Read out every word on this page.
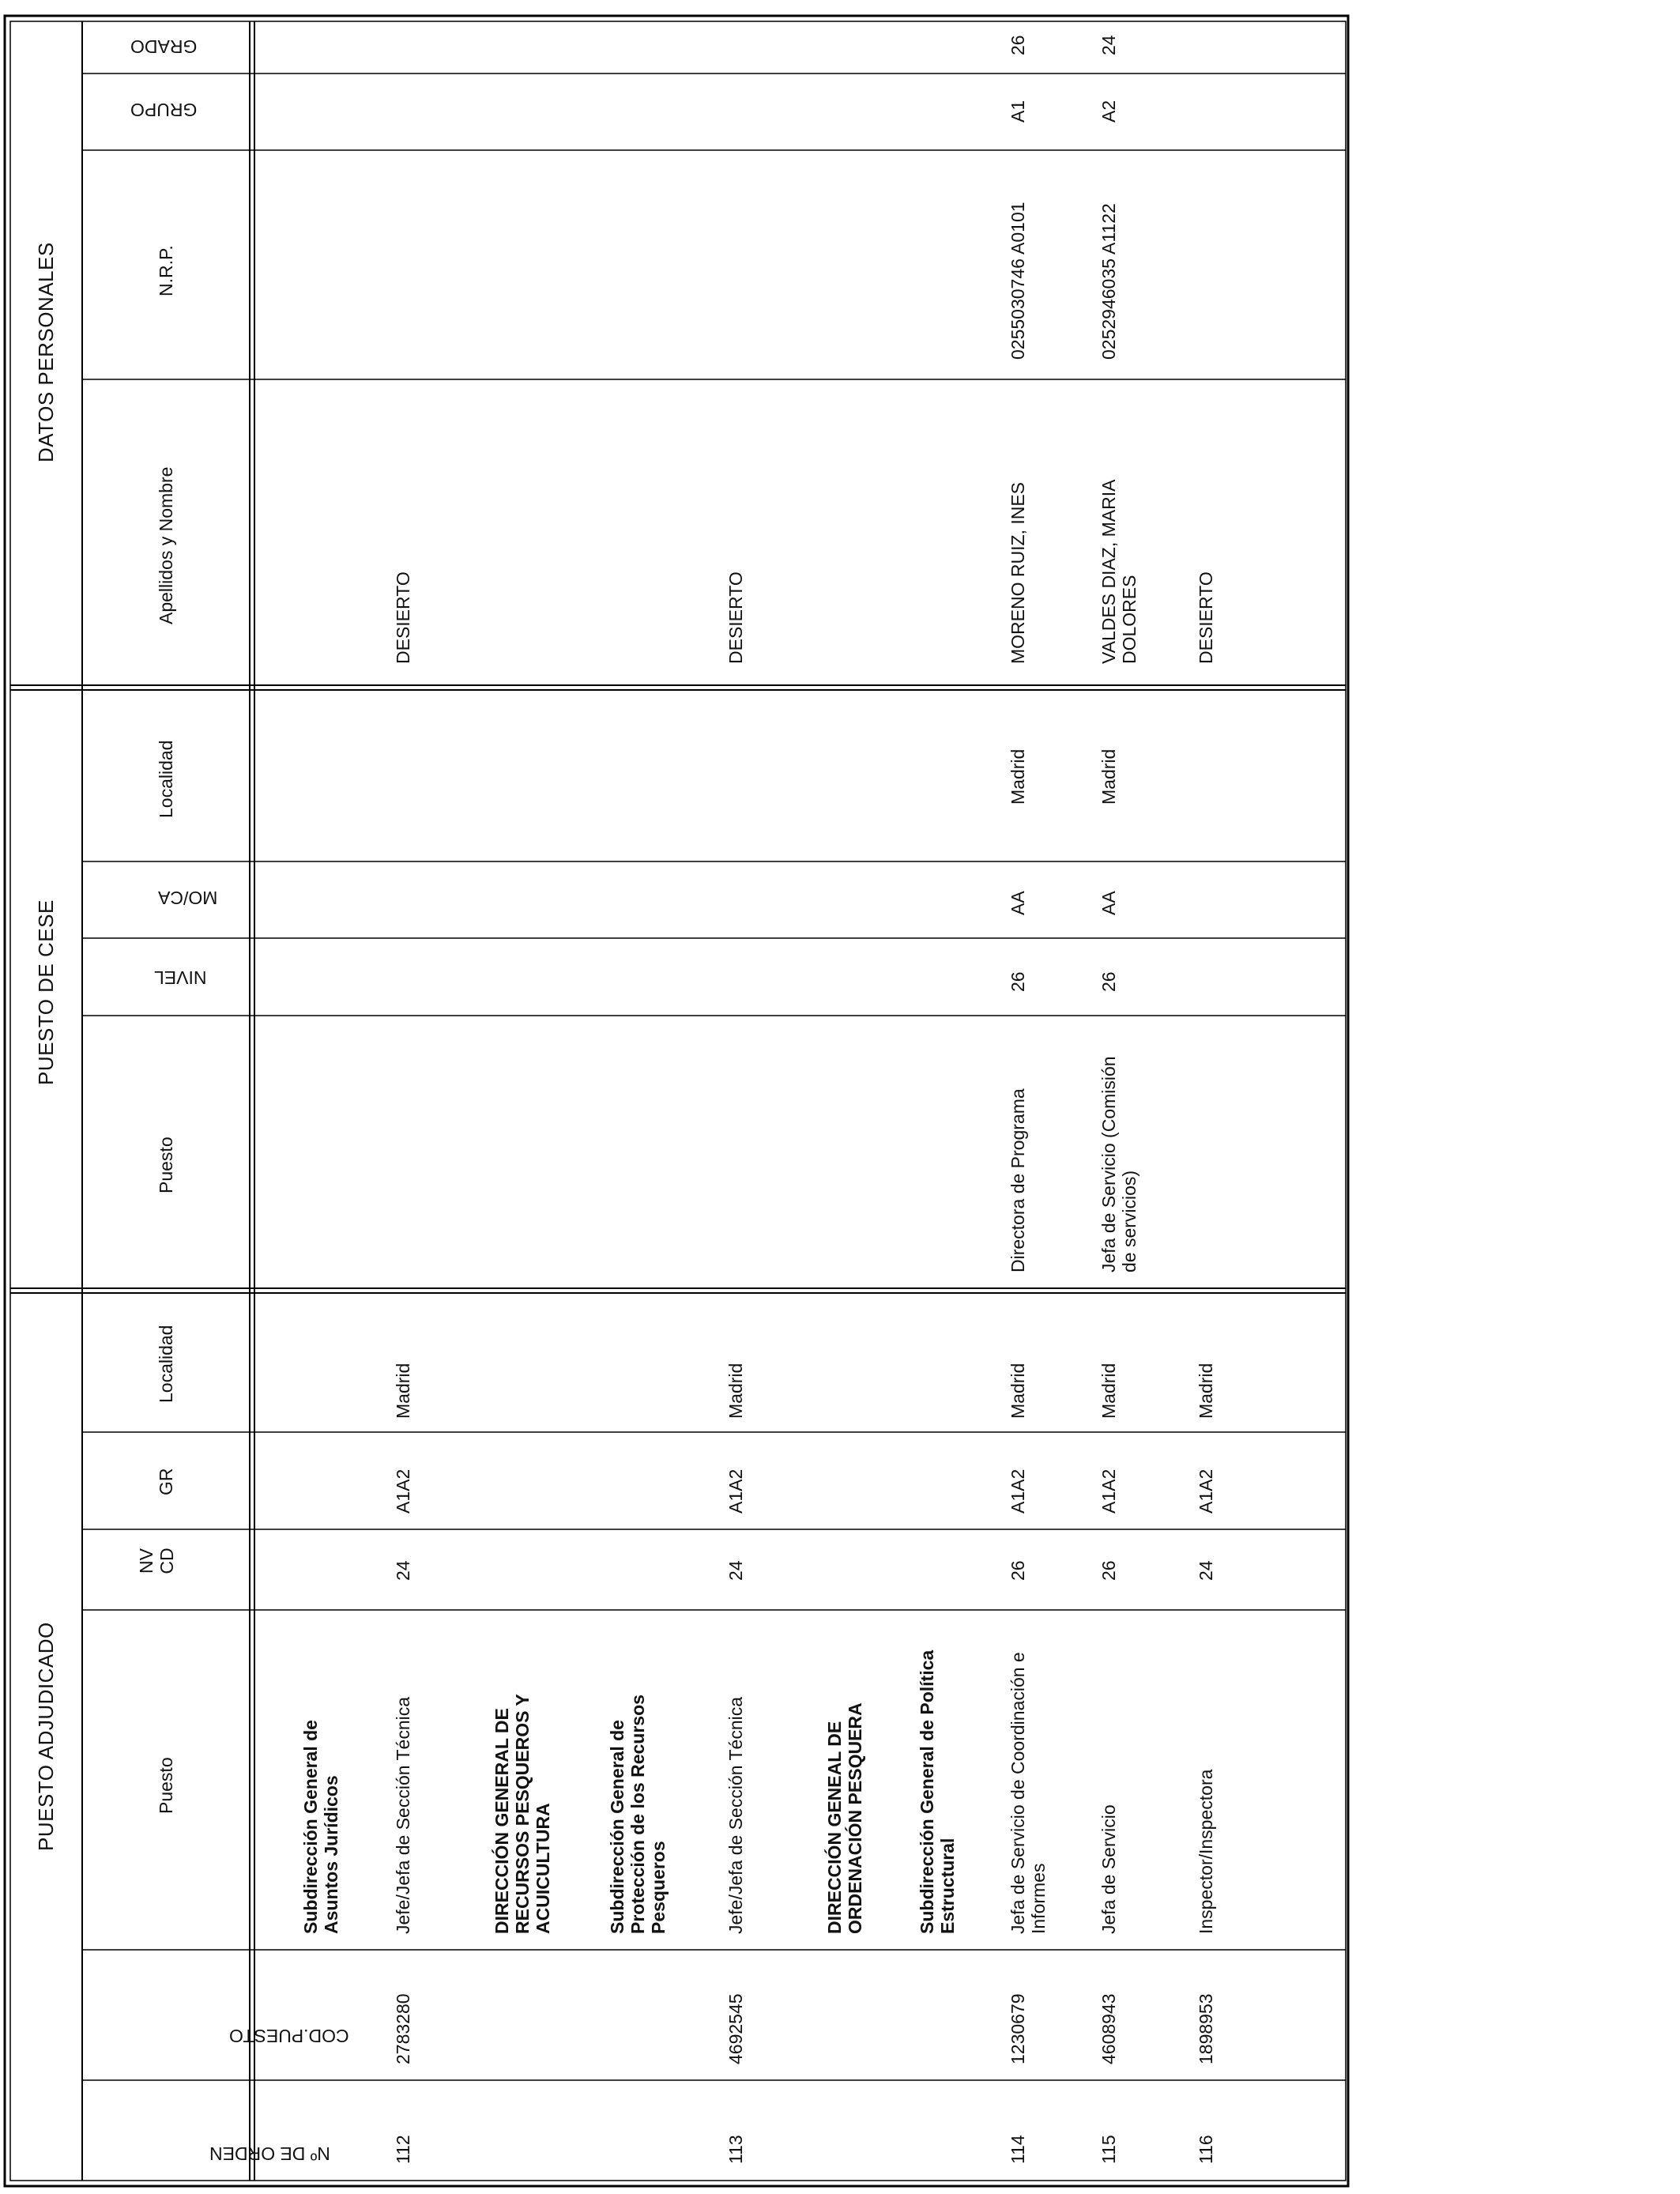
DATOS PERSONALES
PUESTO DE CESE
PUESTO ADJUDICADO
GRADO
GRUPO
N.R.P.
Apellidos y Nombre
Localidad
MO/CA
NIVEL
Puesto
Localidad
GR
NV CD
Puesto
COD.PUESTO
Nº DE ORDEN
Subdirección General de Asuntos Jurídicos
112
2783280
Jefe/Jefa de Sección Técnica
24
A1A2
Madrid
DESIERTO
DIRECCIÓN GENERAL DE RECURSOS PESQUEROS Y ACUICULTURA	Subdirección General de Protección de los Recursos Pesqueros
113
4692545
Jefe/Jefa de Sección Técnica
24
A1A2
Madrid
DESIERTO
DIRECCIÓN GENEAL DE ORDENACIÓN PESQUERA	Subdirección General de Política Estructural
114
1230679
Jefa de Servicio de Coordinación e Informes
26
A1A2
Madrid
Directora de Programa
26
AA
Madrid
MORENO RUIZ, INES
0255030746 A0101
A1
26
115
4608943
Jefa de Servicio
26
A1A2
Madrid
Jefa de Servicio (Comisión de servicios)
26
AA
Madrid
VALDES DIAZ, MARIA DOLORES
0252946035 A1122
A2
24
116
1898953
Inspector/Inspectora
24
A1A2
Madrid
DESIERTO
